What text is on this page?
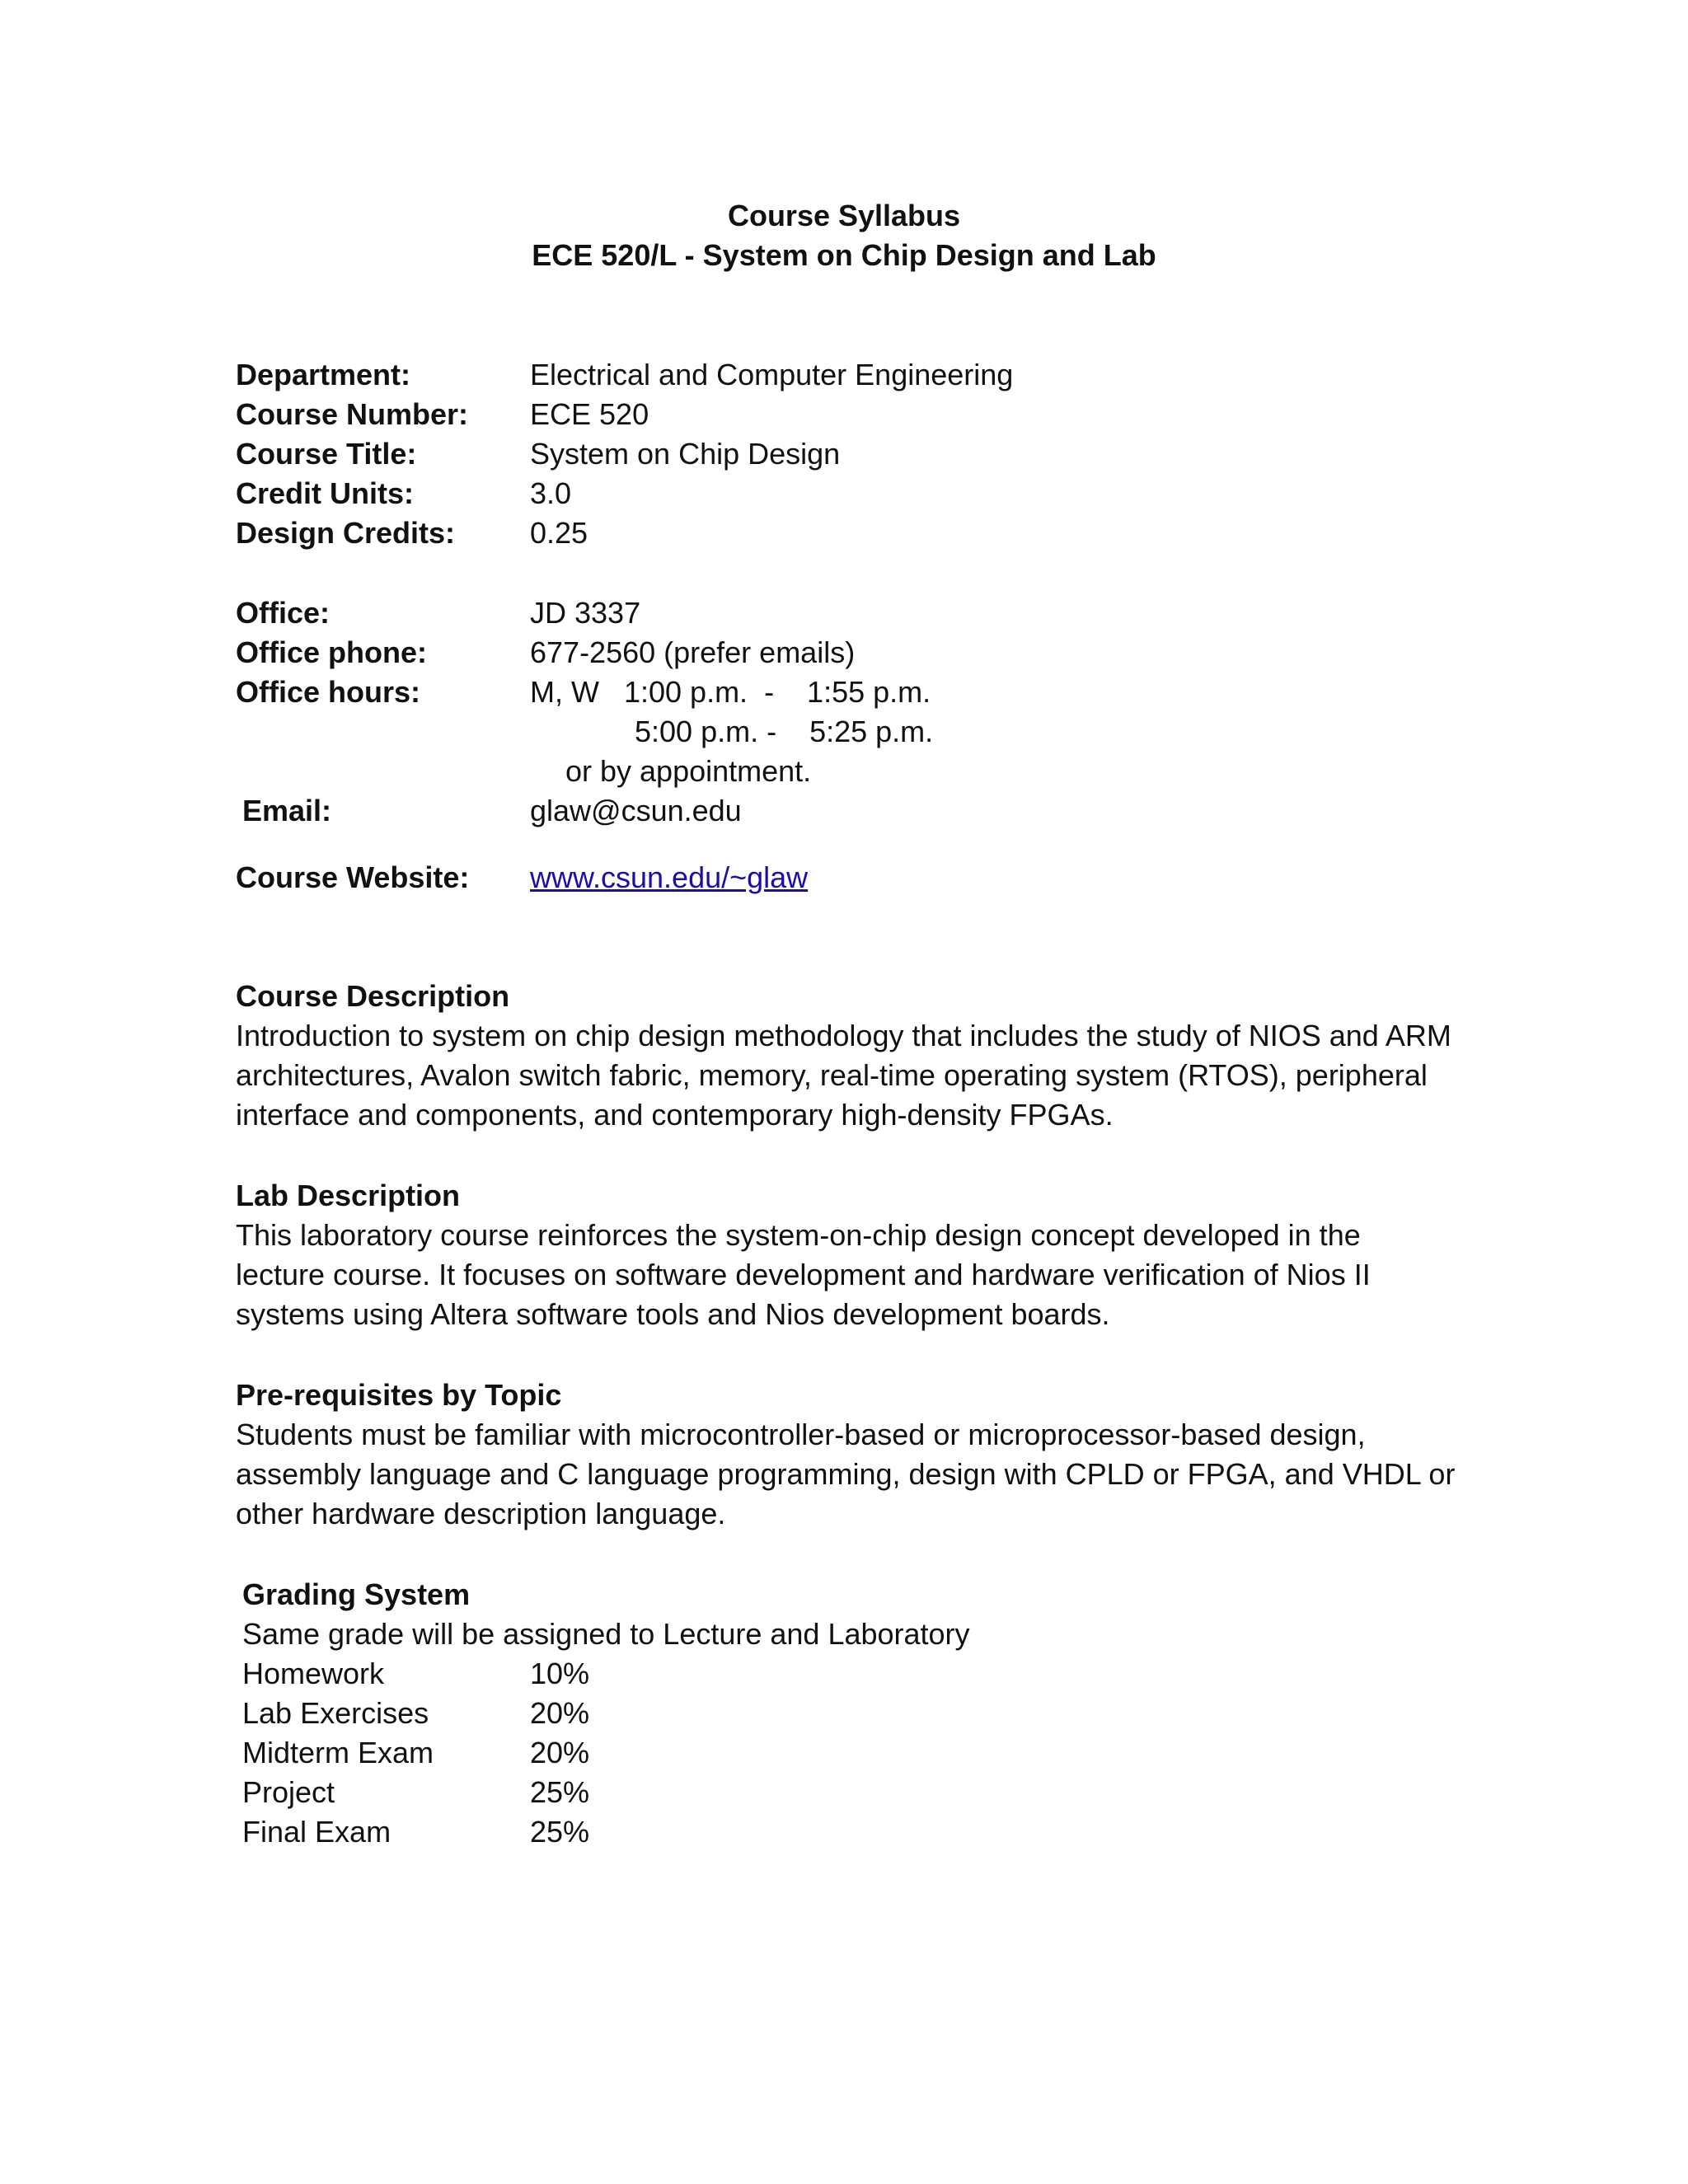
Course Syllabus
ECE 520/L - System on Chip Design and Lab
Department:	Electrical and Computer Engineering
Course Number: ECE 520
Course Title:	System on Chip Design
Credit Units:	3.0
Design Credits:	0.25
Office:	JD 3337
Office phone:	677-2560 (prefer emails)
Office hours:	M, W   1:00 p.m.  -    1:55 p.m.
5:00 p.m. -    5:25 p.m.
or by appointment.
Email:	glaw@csun.edu
Course Website: www.csun.edu/~glaw
Course Description
Introduction to system on chip design methodology that includes the study of NIOS and ARM
architectures, Avalon switch fabric, memory, real-time operating system (RTOS), peripheral
interface and components, and contemporary high-density FPGAs.
Lab Description
This laboratory course reinforces the system-on-chip design concept developed in the
lecture course. It focuses on software development and hardware verification of Nios II
systems using Altera software tools and Nios development boards.
Pre-requisites by Topic
Students must be familiar with microcontroller-based or microprocessor-based design,
assembly language and C language programming, design with CPLD or FPGA, and VHDL or
other hardware description language.
Grading System
Same grade will be assigned to Lecture and Laboratory
Homework	10%
Lab Exercises	20%
Midterm Exam	20%
Project	25%
Final Exam	25%
